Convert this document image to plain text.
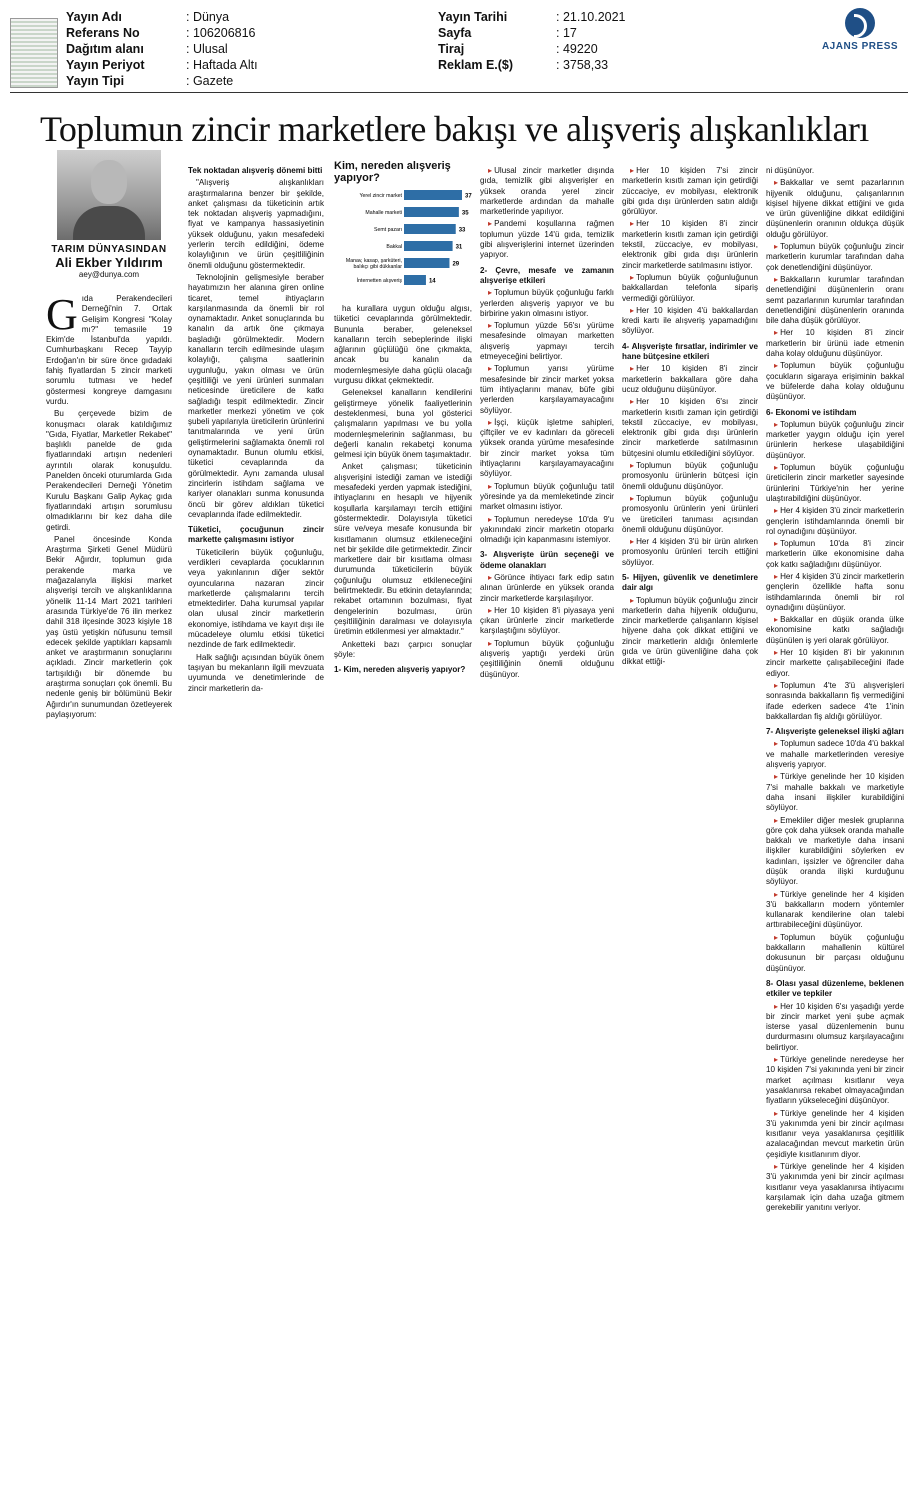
Yayın Adı	: Dünya
Referans No	: 106206816
Dağıtım alanı	: Ulusal
Yayın Periyot	: Haftada Altı
Yayın Tipi	: Gazete
Yayın Tarihi	: 21.10.2021
Sayfa	: 17
Tiraj	: 49220
Reklam E.($)	: 3758,33
AJANS PRESS
Toplumun zincir marketlere bakışı ve alışveriş alışkanlıkları
TARIM DÜNYASINDAN
Ali Ekber Yıldırım
aey@dunya.com

Gıda Perakendecileri Derneği'nin 7. Ortak Gelişim Kongresi "Kolay mı?" temasıile 19 Ekim'de İstanbul'da yapıldı. Cumhurbaşkanı Recep Tayyip Erdoğan'ın bir süre önce gıdadaki fahiş fiyatlardan 5 zincir marketi sorumlu tutması ve hedef göstermesi kongreye damgasını vurdu.

Bu çerçevede bizim de konuşmacı olarak katıldığımız "Gıda, Fiyatlar, Marketler Rekabet" başlıklı panelde de gıda fiyatlarındaki artışın nedenleri ayrıntılı olarak konuşuldu. Panelden önceki oturumlarda Gıda Perakendecileri Derneği Yönetim Kurulu Başkanı Galip Aykaç gıda fiyatlarındaki artışın sorumlusu olmadıklarını bir kez daha dile getirdi.

Panel öncesinde Konda Araştırma Şirketi Genel Müdürü Bekir Ağırdır, toplumun gıda perakende marka ve mağazalarıyla ilişkisi market alışverişi tercih ve alışkanlıklarına yönelik 11-14 Mart 2021 tarihleri arasında Türkiye'de 76 ilin merkez dahil 318 ilçesinde 3023 kişiyle 18 yaş üstü yetişkin nüfusunu temsil edecek şekilde yaptıkları kapsamlı anket ve araştırmanın sonuçlarını açıkladı. Zincir marketlerin çok tartışıldığı bir dönemde bu araştırma sonuçları çok önemli. Bu nedenle geniş bir bölümünü Bekir Ağırdır'ın sunumundan özetleyerek paylaşıyorum:

Tek noktadan alışveriş dönemi bitti

"Alışveriş alışkanlıkları araştırmalarına benzer bir şekilde, anket çalışması da tüketicinin artık tek noktadan alışveriş yapmadığını, fiyat ve kampanya hassasiyetinin yüksek olduğunu, yakın mesafedeki yerlerin tercih edildiğini, ödeme kolaylığının ve ürün çeşitliliğinin önemli olduğunu göstermektedir.

Teknolojinin gelişmesiyle beraber hayatımızın her alanına giren online ticaret, temel ihtiyaçların karşılanmasında da önemli bir rol oynamaktadır. Anket sonuçlarında bu kanalın da artık öne çıkmaya başladığı görülmektedir. Modern kanalların tercih edilmesinde ulaşım kolaylığı, çalışma saatlerinin uygunluğu, yakın olması ve ürün çeşitliliği ve yeni ürünleri sunmaları neticesinde üreticilere de katkı sağladığı tespit edilmektedir. Zincir marketler merkezi yönetim ve çok şubeli yapılarıyla üreticilerin ürünlerini tanıtmalarında ve yeni ürün geliştirmelerini sağlamakta önemli rol oynamaktadır. Bunun olumlu etkisi, tüketici cevaplarında da görülmektedir. Aynı zamanda ulusal zincirlerin istihdam sağlama ve kariyer olanakları sunma konusunda öncü bir görev aldıkları tüketici cevaplarında ifade edilmektedir.

Tüketici, çocuğunun zincir markette çalışmasını istiyor

Tüketicilerin büyük çoğunluğu, verdikleri cevaplarda çocuklarının veya yakınlarının diğer sektör oyuncularına nazaran zincir marketlerde çalışmalarını tercih etmektedirler. Daha kurumsal yapılar olan ulusal zincir marketlerin ekonomiye, istihdama ve kayıt dışı ile mücadeleye olumlu etkisi tüketici nezdinde de fark edilmektedir.

Halk sağlığı açısından büyük önem taşıyan bu mekanların ilgili mevzuata uyumunda ve denetimlerinde de zincir marketlerin da-

Kim, nereden alışveriş yapıyor?
Yerel zincir market	37
Mahalle marketi	35
Semt pazarı	33
Bakkal	31
Manav, kasap, şarküteri, balıkçı gibi dükkanlar	29
İnternetten alışveriş	14

ha kurallara uygun olduğu algısı, tüketici cevaplarında görülmektedir. Bununla beraber, geleneksel kanalların tercih sebeplerinde ilişki ağlarının güçlülüğü öne çıkmakta, ancak bu kanalın da modernleşmesiyle daha güçlü olacağı vurgusu dikkat çekmektedir.

Geleneksel kanalların kendilerini geliştirmeye yönelik faaliyetlerinin desteklenmesi, buna yol gösterici çalışmaların yapılması ve bu yolla modernleşmelerinin sağlanması, bu değerli kanalın rekabetçi konuma gelmesi için büyük önem taşımaktadır.

Anket çalışması; tüketicinin alışverişini istediği zaman ve istediği mesafedeki yerden yapmak istediğini, ihtiyaçlarını en hesaplı ve hijyenik koşullarla karşılamayı tercih ettiğini göstermektedir. Dolayısıyla tüketici süre ve/veya mesafe konusunda bir kısıtlamanın olumsuz etkileneceğini net bir şekilde dile getirmektedir. Zincir marketlere dair bir kısıtlama olması durumunda tüketicilerin büyük çoğunluğu olumsuz etkileneceğini belirtmektedir. Bu etkinin detaylarında; rekabet ortamının bozulması, fiyat dengelerinin bozulması, ürün çeşitliliğinin daralması ve dolayısıyla üretimin etkilenmesi yer almaktadır."

Anketteki bazı çarpıcı sonuçlar şöyle:

1- Kim, nereden alışveriş yapıyor?

▸ Ulusal zincir marketler dışında gıda, temizlik gibi alışverişler en yüksek oranda yerel zincir marketlerde ardından da mahalle marketlerinde yapılıyor.

▸ Pandemi koşullarına rağmen toplumun yüzde 14'ü gıda, temizlik gibi alışverişlerini internet üzerinden yapıyor.

2- Çevre, mesafe ve zamanın alışverişe etkileri

▸ Toplumun büyük çoğunluğu farklı yerlerden alışveriş yapıyor ve bu birbirine yakın olmasını istiyor.

▸ Toplumun yüzde 56'sı yürüme mesafesinde olmayan marketten alışveriş yapmayı tercih etmeyeceğini belirtiyor.

▸ Toplumun yarısı yürüme mesafesinde bir zincir market yoksa tüm ihtiyaçlarını manav, büfe gibi yerlerden karşılayamayacağını söylüyor.

▸ İşçi, küçük işletme sahipleri, çiftçiler ve ev kadınları da göreceli yüksek oranda yürüme mesafesinde bir zincir market yoksa tüm ihtiyaçlarını karşılayamayacağını söylüyor.

▸ Toplumun büyük çoğunluğu tatil yöresinde ya da memleketinde zincir market olmasını istiyor.

▸ Toplumun neredeyse 10'da 9'u yakınındaki zincir marketin otoparkı olmadığı için kapanmasını istemiyor.

3- Alışverişte ürün seçeneği ve ödeme olanakları

▸ Görünce ihtiyacı fark edip satın alınan ürünlerde en yüksek oranda zincir marketlerde karşılaşılıyor.

▸ Her 10 kişiden 8'i piyasaya yeni çıkan ürünlerle zincir marketlerde karşılaştığını söylüyor.

▸ Toplumun büyük çoğunluğu alışveriş yaptığı yerdeki ürün çeşitliliğinin önemli olduğunu düşünüyor.

▸ Her 10 kişiden 7'si zincir marketlerin kısıtlı zaman için getirdiği züccaciye, ev mobilyası, elektronik gibi gıda dışı ürünlerden satın aldığı görülüyor.

▸ Her 10 kişiden 8'i zincir marketlerin kısıtlı zaman için getirdiği tekstil, züccaciye, ev mobilyası, elektronik gibi gıda dışı ürünlerin zincir marketlerde satılmasını istiyor.

▸ Toplumun büyük çoğunluğunun bakkallardan telefonla sipariş vermediği görülüyor.

▸ Her 10 kişiden 4'ü bakkallardan kredi kartı ile alışveriş yapamadığını söylüyor.

4- Alışverişte fırsatlar, indirimler ve hane bütçesine etkileri

▸ Her 10 kişiden 8'i zincir marketlerin bakkallara göre daha ucuz olduğunu düşünüyor.

▸ Her 10 kişiden 6'sı zincir marketlerin kısıtlı zaman için getirdiği tekstil züccaciye, ev mobilyası, elektronik gibi gıda dışı ürünlerin zincir marketlerde satılmasının bütçesini olumlu etkilediğini söylüyor.

▸ Toplumun büyük çoğunluğu promosyonlu ürünlerin bütçesi için önemli olduğunu düşünüyor.

▸ Toplumun büyük çoğunluğu promosyonlu ürünlerin yeni ürünleri ve üreticileri tanıması açısından önemli olduğunu düşünüyor.

▸ Her 4 kişiden 3'ü bir ürün alırken promosyonlu ürünleri tercih ettiğini söylüyor.

5- Hijyen, güvenlik ve denetimlere dair algı

▸ Toplumun büyük çoğunluğu zincir marketlerin daha hijyenik olduğunu, zincir marketlerde çalışanların kişisel hijyene daha çok dikkat ettiğini ve zincir marketlerin aldığı önlemlerle gıda ve ürün güvenliğine daha çok dikkat ettiği-

ni düşünüyor.

▸ Bakkallar ve semt pazarlarının hijyenik olduğunu, çalışanlarının kişisel hijyene dikkat ettiğini ve gıda ve ürün güvenliğine dikkat edildiğini düşünenlerin oranının oldukça düşük olduğu görülüyor.

▸ Toplumun büyük çoğunluğu zincir marketlerin kurumlar tarafından daha çok denetlendiğini düşünüyor.

▸ Bakkalların kurumlar tarafından denetlendiğini düşünenlerin oranı semt pazarlarının kurumlar tarafından denetlendiğini düşünenlerin oranında bile daha düşük görülüyor.

▸ Her 10 kişiden 8'i zincir marketlerin bir ürünü iade etmenin daha kolay olduğunu düşünüyor.

▸ Toplumun büyük çoğunluğu çocukların sigaraya erişiminin bakkal ve büfelerde daha kolay olduğunu düşünüyor.

6- Ekonomi ve istihdam

▸ Toplumun büyük çoğunluğu zincir marketler yaygın olduğu için yerel ürünlerin herkese ulaşabildiğini düşünüyor.

▸ Toplumun büyük çoğunluğu üreticilerin zincir marketler sayesinde ürünlerini Türkiye'nin her yerine ulaştırabildiğini düşünüyor.

▸ Her 4 kişiden 3'ü zincir marketlerin gençlerin istihdamlarında önemli bir rol oynadığını düşünüyor.

▸ Toplumun 10'da 8'i zincir marketlerin ülke ekonomisine daha çok katkı sağladığını düşünüyor.

▸ Her 4 kişiden 3'ü zincir marketlerin gençlerin özellikle hafta sonu istihdamlarında önemli bir rol oynadığını düşünüyor.

▸ Bakkallar en düşük oranda ülke ekonomisine katkı sağladığı düşünülen iş yeri olarak görülüyor.

▸ Her 10 kişiden 8'i bir yakınının zincir markette çalışabileceğini ifade ediyor.

▸ Toplumun 4'te 3'ü alışverişleri sonrasında bakkalların fiş vermediğini ifade ederken sadece 4'te 1'inin bakkallardan fiş aldığı görülüyor.

7- Alışverişte geleneksel ilişki ağları

▸ Toplumun sadece 10'da 4'ü bakkal ve mahalle marketlerinden veresiye alışveriş yapıyor.

▸ Türkiye genelinde her 10 kişiden 7'si mahalle bakkalı ve marketiyle daha insani ilişkiler kurabildiğini söylüyor.

▸ Emekliler diğer meslek gruplarına göre çok daha yüksek oranda mahalle bakkalı ve marketiyle daha insani ilişkiler kurabildiğini söylerken ev kadınları, işsizler ve öğrenciler daha düşük oranda ilişki kurduğunu söylüyor.

▸ Türkiye genelinde her 4 kişiden 3'ü bakkalların modern yöntemler kullanarak kendilerine olan talebi arttırabileceğini düşünüyor.

▸ Toplumun büyük çoğunluğu bakkalların mahallenin kültürel dokusunun bir parçası olduğunu düşünüyor.

8- Olası yasal düzenleme, beklenen etkiler ve tepkiler

▸ Her 10 kişiden 6'sı yaşadığı yerde bir zincir market yeni şube açmak isterse yasal düzenlemenin bunu durdurmasını olumsuz karşılayacağını belirtiyor.

▸ Türkiye genelinde neredeyse her 10 kişiden 7'si yakınında yeni bir zincir market açılması kısıtlanır veya yasaklanırsa rekabet olmayacağından fiyatların yükseleceğini düşünüyor.

▸ Türkiye genelinde her 4 kişiden 3'ü yakınımda yeni bir zincir açılması kısıtlanır veya yasaklanırsa çeşitlilik azalacağından mevcut marketin ürün çeşidiyle kısıtlanırım diyor.

▸ Türkiye genelinde her 4 kişiden 3'ü yakınımda yeni bir zincir açılması kısıtlanır veya yasaklanırsa ihtiyacımı karşılamak için daha uzağa gitmem gerekebilir yanıtını veriyor.
